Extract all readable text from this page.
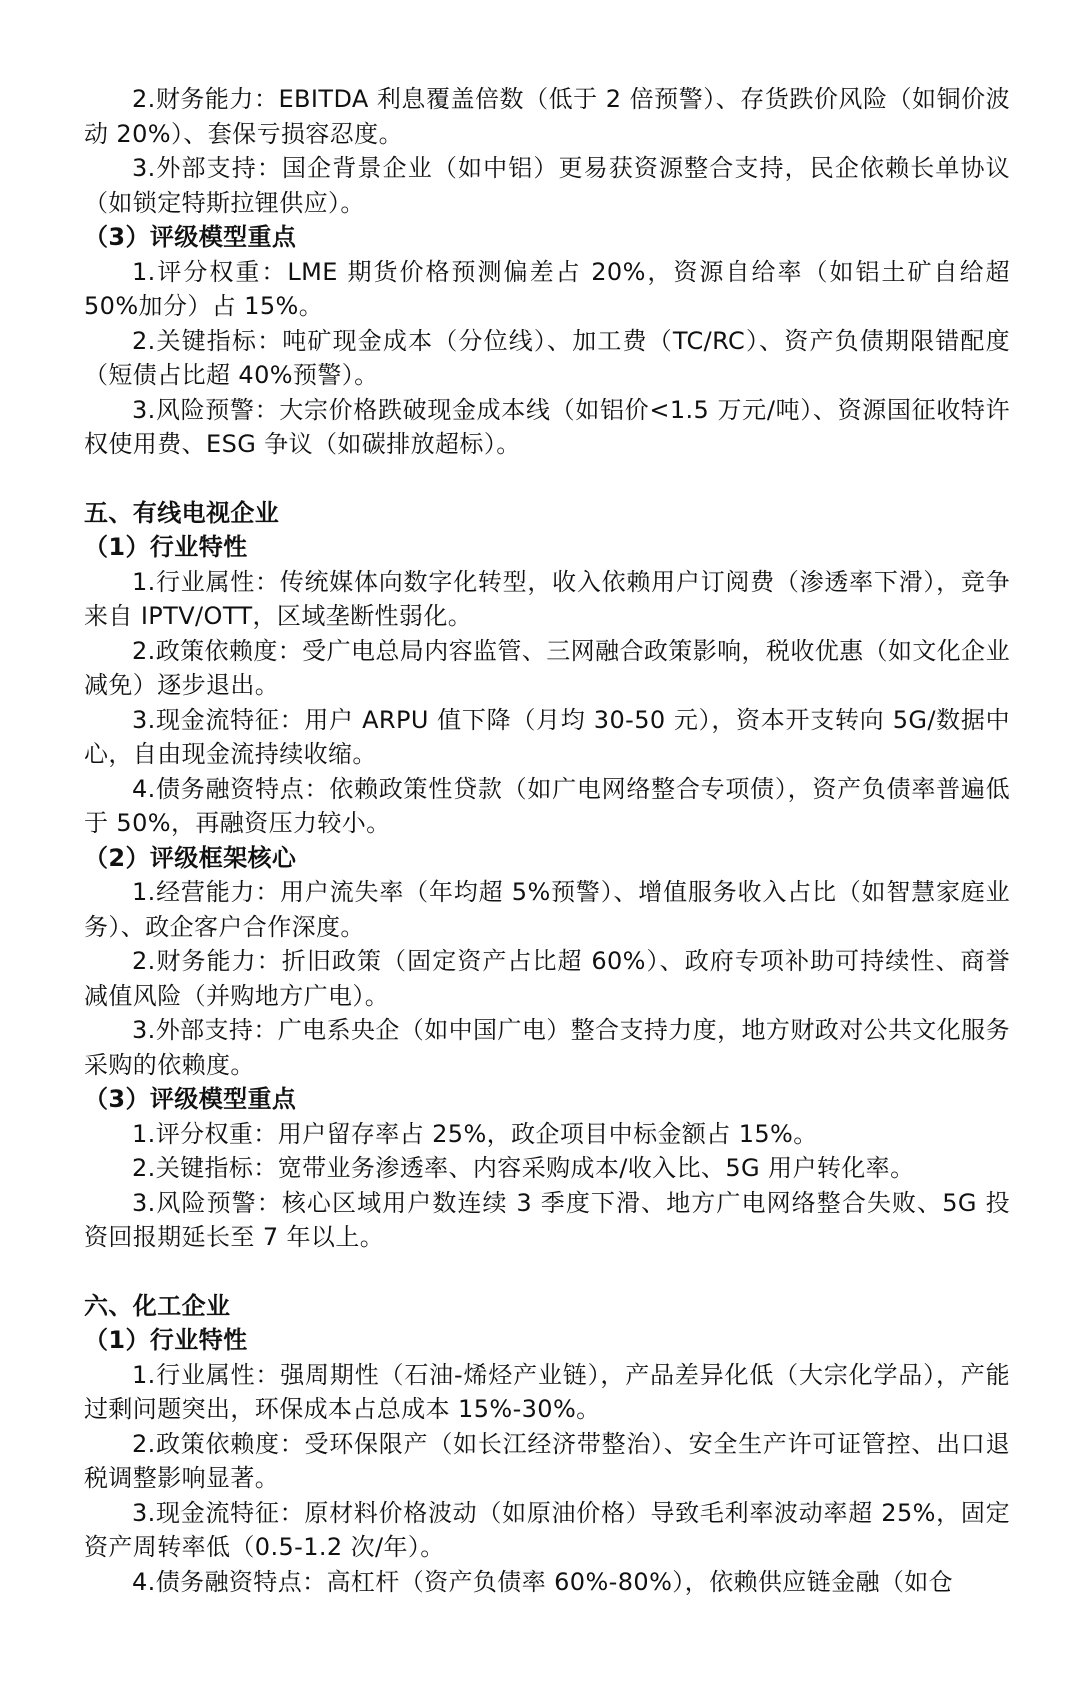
2.财务能力：EBITDA 利息覆盖倍数（低于 2 倍预警）、存货跌价风险（如铜价波动 20%）、套保亏损容忍度。

3.外部支持：国企背景企业（如中铝）更易获资源整合支持，民企依赖长单协议（如锁定特斯拉锂供应）。

（3）评级模型重点

1.评分权重：LME 期货价格预测偏差占 20%，资源自给率（如铝土矿自给超 50%加分）占 15%。

2.关键指标：吨矿现金成本（分位线）、加工费（TC/RC）、资产负债期限错配度（短债占比超 40%预警）。

3.风险预警：大宗价格跌破现金成本线（如铝价<1.5 万元/吨）、资源国征收特许权使用费、ESG 争议（如碳排放超标）。

五、有线电视企业

（1）行业特性

1.行业属性：传统媒体向数字化转型，收入依赖用户订阅费（渗透率下滑），竞争来自 IPTV/OTT，区域垄断性弱化。

2.政策依赖度：受广电总局内容监管、三网融合政策影响，税收优惠（如文化企业减免）逐步退出。

3.现金流特征：用户 ARPU 值下降（月均 30-50 元），资本开支转向 5G/数据中心，自由现金流持续收缩。

4.债务融资特点：依赖政策性贷款（如广电网络整合专项债），资产负债率普遍低于 50%，再融资压力较小。

（2）评级框架核心

1.经营能力：用户流失率（年均超 5%预警）、增值服务收入占比（如智慧家庭业务）、政企客户合作深度。

2.财务能力：折旧政策（固定资产占比超 60%）、政府专项补助可持续性、商誉减值风险（并购地方广电）。

3.外部支持：广电系央企（如中国广电）整合支持力度，地方财政对公共文化服务采购的依赖度。

（3）评级模型重点

1.评分权重：用户留存率占 25%，政企项目中标金额占 15%。

2.关键指标：宽带业务渗透率、内容采购成本/收入比、5G 用户转化率。

3.风险预警：核心区域用户数连续 3 季度下滑、地方广电网络整合失败、5G 投资回报期延长至 7 年以上。

六、化工企业

（1）行业特性

1.行业属性：强周期性（石油-烯烃产业链），产品差异化低（大宗化学品），产能过剩问题突出，环保成本占总成本 15%-30%。

2.政策依赖度：受环保限产（如长江经济带整治）、安全生产许可证管控、出口退税调整影响显著。

3.现金流特征：原材料价格波动（如原油价格）导致毛利率波动率超 25%，固定资产周转率低（0.5-1.2 次/年）。

4.债务融资特点：高杠杆（资产负债率 60%-80%），依赖供应链金融（如仓
